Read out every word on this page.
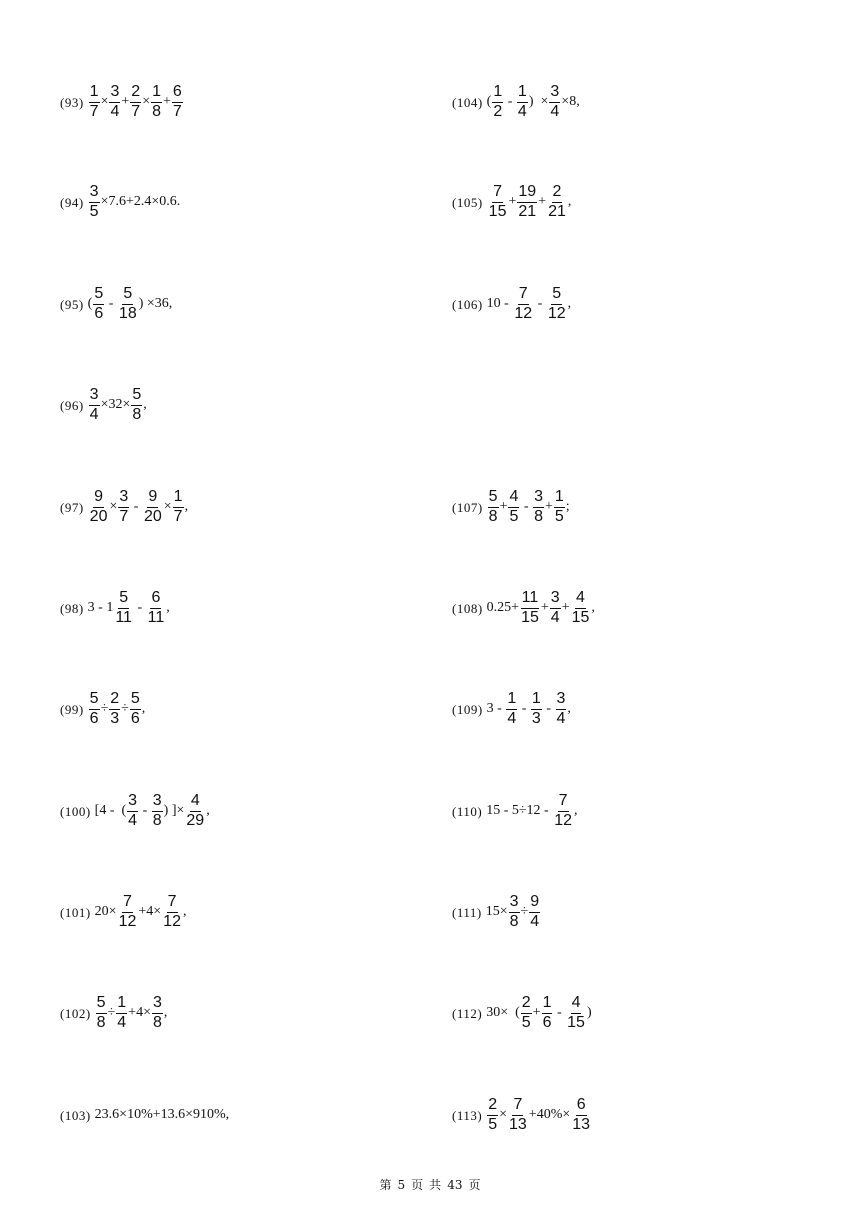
$(93) \frac{1}{7} \times \frac{3}{4} + \frac{2}{7} \times \frac{1}{8} + \frac{6}{7}$
$(94) \frac{3}{5} \times 7.6+2.4\times 0.6$.
(95) ( $\frac{5}{6} - \frac{5}{18}$ ) ×36,
$(96) \frac{3}{4} \times 32\times \frac{5}{8}$ ,
$(97) \frac{9}{20} \times \frac{3}{7} - \frac{9}{20} \times \frac{1}{7}$ ,
(98) $3 - 1 \frac{5}{11} - \frac{6}{11}$ ,
$(99) \frac{5}{6} \div \frac{2}{3} \div \frac{5}{6}$ ,
(100) [4 -  ( $\frac{3}{4} - \frac{3}{8}$ ) ]× $\frac{4}{29}$ ,
(101) $20\times \frac{7}{12} +4\times \frac{7}{12}$ ,
$(102) \frac{5}{8} \div \frac{1}{4} +4\times \frac{3}{8}$ ,
(103) 23.6×10%+13.6×910%,
(104) ( $\frac{1}{2} - \frac{1}{4}$ )  × $\frac{3}{4} \times 8$,
$(105) \frac{7}{15} + \frac{19}{21} + \frac{2}{21}$ ,
(106) $10 - \frac{7}{12} - \frac{5}{12}$ ,
$(107) \frac{5}{8} + \frac{4}{5} - \frac{3}{8} + \frac{1}{5}$ ;
(108) $0.25+ \frac{11}{15} + \frac{3}{4} + \frac{4}{15}$ ,
(109) $3 - \frac{1}{4} - \frac{1}{3} - \frac{3}{4}$ ,
(110) $15 - 5\div 12 - \frac{7}{12}$ ,
(111) $15\times \frac{3}{8} \div \frac{9}{4}$
(112) 30×  ( $\frac{2}{5} + \frac{1}{6} - \frac{4}{15}$ )
$(113) \frac{2}{5} \times \frac{7}{13} +40\%\times \frac{6}{13}$
第 5 页 共 43 页
